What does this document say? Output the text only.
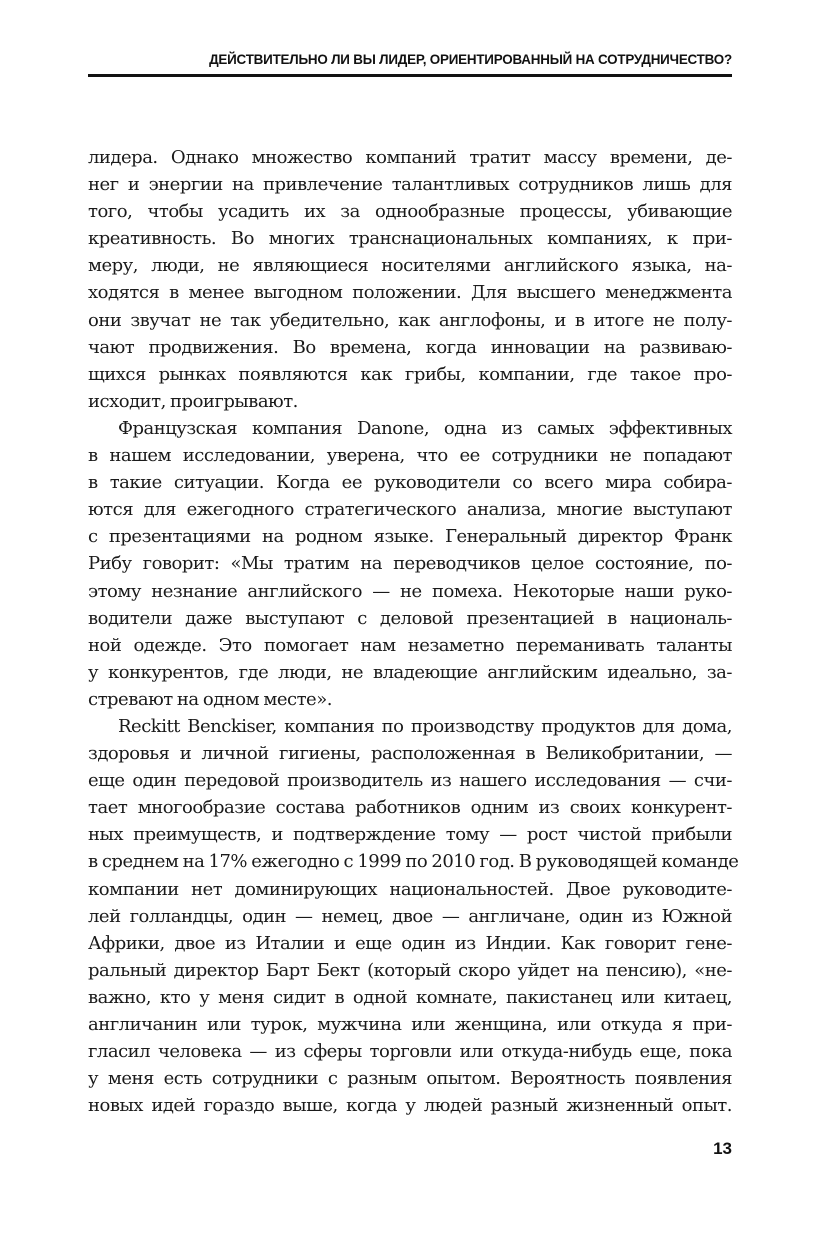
ДЕЙСТВИТЕЛЬНО ЛИ ВЫ ЛИДЕР, ОРИЕНТИРОВАННЫЙ НА СОТРУДНИЧЕСТВО?
лидера. Однако множество компаний тратит массу времени, де-
нег и энергии на привлечение талантливых сотрудников лишь для
того, чтобы усадить их за однообразные процессы, убивающие
креативность. Во многих транснациональных компаниях, к при-
меру, люди, не являющиеся носителями английского языка, на-
ходятся в менее выгодном положении. Для высшего менеджмента
они звучат не так убедительно, как англофоны, и в итоге не полу-
чают продвижения. Во времена, когда инновации на развиваю-
щихся рынках появляются как грибы, компании, где такое про-
исходит, проигрывают.
Французская компания Danone, одна из самых эффективных
в нашем исследовании, уверена, что ее сотрудники не попадают
в такие ситуации. Когда ее руководители со всего мира собира-
ются для ежегодного стратегического анализа, многие выступают
с презентациями на родном языке. Генеральный директор Франк
Рибу говорит: «Мы тратим на переводчиков целое состояние, по-
этому незнание английского — не помеха. Некоторые наши руко-
водители даже выступают с деловой презентацией в националь-
ной одежде. Это помогает нам незаметно переманивать таланты
у конкурентов, где люди, не владеющие английским идеально, за-
стревают на одном месте».
Reckitt Benckiser, компания по производству продуктов для дома,
здоровья и личной гигиены, расположенная в Великобритании, —
еще один передовой производитель из нашего исследования — счи-
тает многообразие состава работников одним из своих конкурент-
ных преимуществ, и подтверждение тому — рост чистой прибыли
в среднем на 17% ежегодно с 1999 по 2010 год. В руководящей команде
компании нет доминирующих национальностей. Двое руководите-
лей голландцы, один — немец, двое — англичане, один из Южной
Африки, двое из Италии и еще один из Индии. Как говорит гене-
ральный директор Барт Бект (который скоро уйдет на пенсию), «не-
важно, кто у меня сидит в одной комнате, пакистанец или китаец,
англичанин или турок, мужчина или женщина, или откуда я при-
гласил человека — из сферы торговли или откуда-нибудь еще, пока
у меня есть сотрудники с разным опытом. Вероятность появления
новых идей гораздо выше, когда у людей разный жизненный опыт.
13
